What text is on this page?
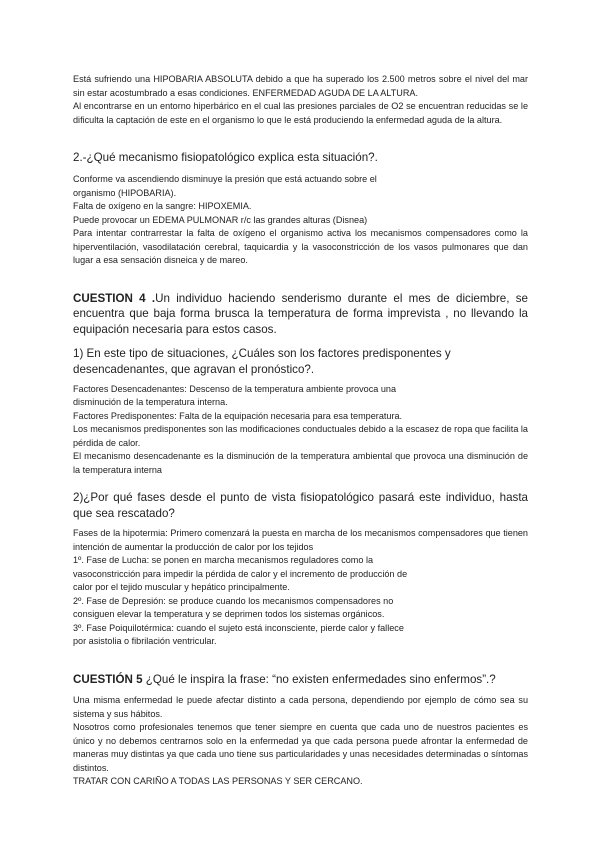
Está sufriendo una HIPOBARIA ABSOLUTA debido a que ha superado los 2.500 metros sobre el nivel del mar sin estar acostumbrado a esas condiciones. ENFERMEDAD AGUDA DE LA ALTURA.

Al encontrarse en un entorno hiperbárico en el cual las presiones parciales de O2 se encuentran reducidas se le dificulta la captación de este en el organismo lo que le está produciendo la enfermedad aguda de la altura.

2.-¿Qué mecanismo fisiopatológico explica esta situación?.

Conforme va ascendiendo disminuye la presión que está actuando sobre el

organismo (HIPOBARIA).

Falta de oxígeno en la sangre: HIPOXEMIA.

Puede provocar un EDEMA PULMONAR r/c las grandes alturas (Disnea)

Para intentar contrarrestar la falta de oxígeno el organismo activa los mecanismos compensadores como la hiperventilación, vasodilatación cerebral, taquicardia y la vasoconstricción de los vasos pulmonares que dan lugar a esa sensación disneica y de mareo.

CUESTION 4 .Un individuo haciendo senderismo durante el mes de diciembre, se encuentra que baja forma brusca la temperatura de forma imprevista , no llevando la equipación necesaria para estos casos.

1) En este tipo de situaciones, ¿Cuáles son los factores predisponentes y desencadenantes, que agravan el pronóstico?.

Factores Desencadenantes: Descenso de la temperatura ambiente provoca una

disminución de la temperatura interna.

Factores Predisponentes: Falta de la equipación necesaria para esa temperatura.

Los mecanismos predisponentes son las modificaciones conductuales debido a la escasez de ropa que facilita la pérdida de calor.

El mecanismo desencadenante es la disminución de la temperatura ambiental que provoca una disminución de la temperatura interna

2)¿Por qué fases desde el punto de vista fisiopatológico pasará este individuo, hasta que sea rescatado?

Fases de la hipotermia: Primero comenzará la puesta en marcha de los mecanismos compensadores que tienen intención de aumentar la producción de calor por los tejidos

1º. Fase de Lucha: se ponen en marcha mecanismos reguladores como la

vasoconstricción para impedir la pérdida de calor y el incremento de producción de

calor por el tejido muscular y hepático principalmente.

2º. Fase de Depresión: se produce cuando los mecanismos compensadores no

consiguen elevar la temperatura y se deprimen todos los sistemas orgánicos.

3º. Fase Poiquilotérmica: cuando el sujeto está inconsciente, pierde calor y fallece

por asistolia o fibrilación ventricular.

CUESTIÓN 5 ¿Qué le inspira la frase: “no existen enfermedades sino enfermos”.?

Una misma enfermedad le puede afectar distinto a cada persona, dependiendo por ejemplo de cómo sea su sistema y sus hábitos.

Nosotros como profesionales tenemos que tener siempre en cuenta que cada uno de nuestros pacientes es único y no debemos centrarnos solo en la enfermedad ya que cada persona puede afrontar la enfermedad de maneras muy distintas ya que cada uno tiene sus particularidades y unas necesidades determinadas o síntomas distintos.

TRATAR CON CARIÑO A TODAS LAS PERSONAS Y SER CERCANO.
